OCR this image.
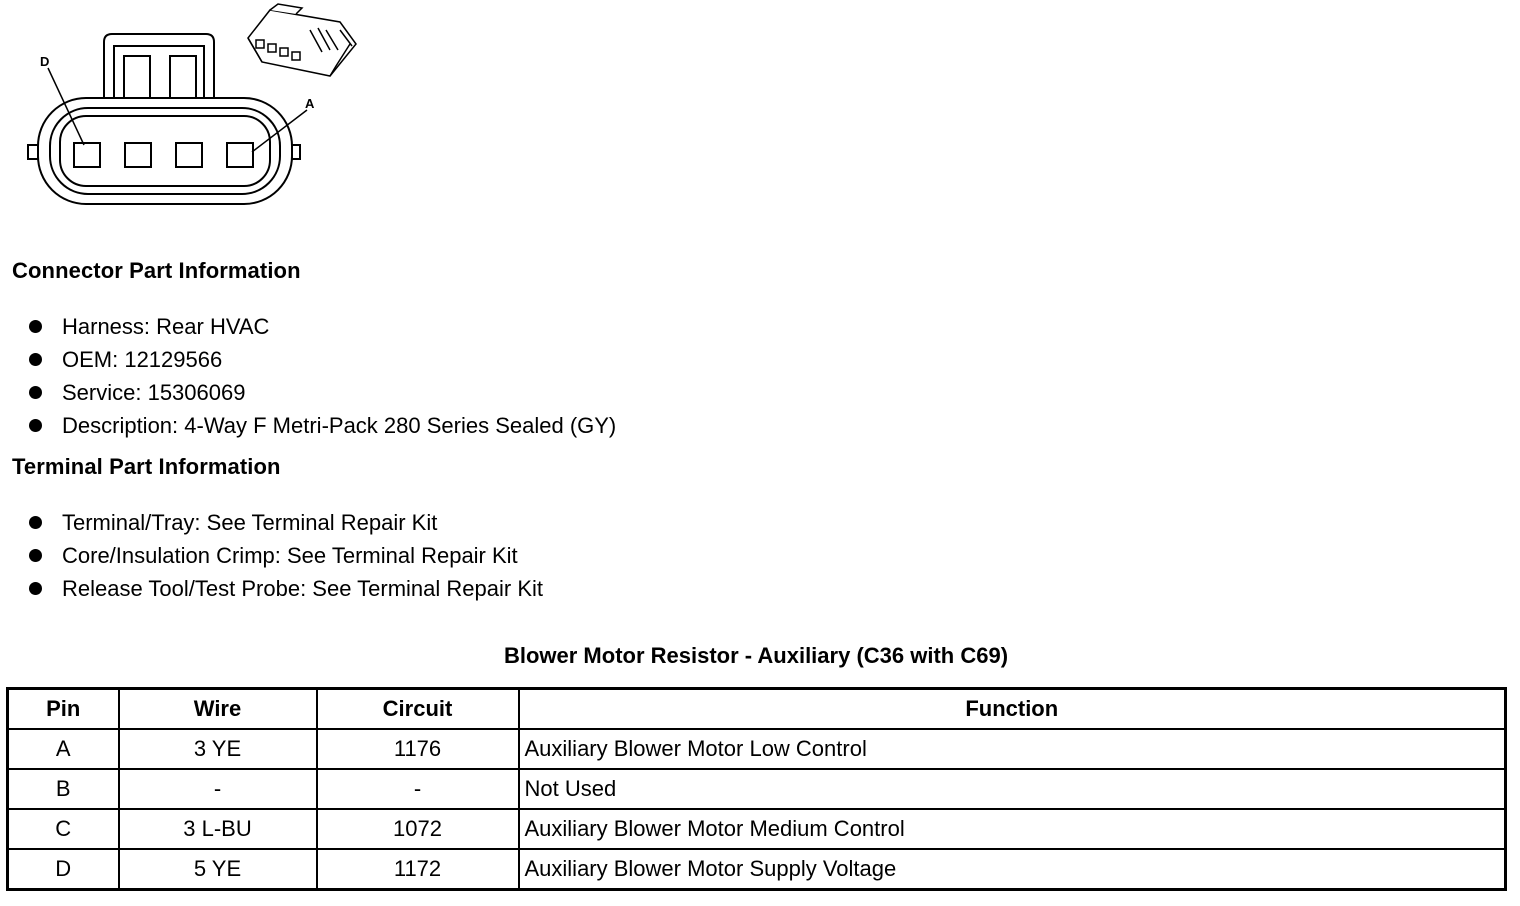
D
A
Connector Part Information
Harness: Rear HVAC
OEM: 12129566
Service: 15306069
Description: 4-Way F Metri-Pack 280 Series Sealed (GY)
Terminal Part Information
Terminal/Tray: See Terminal Repair Kit
Core/Insulation Crimp: See Terminal Repair Kit
Release Tool/Test Probe: See Terminal Repair Kit
Blower Motor Resistor - Auxiliary (C36 with C69)
Pin	Wire	Circuit	Function
A	3 YE	1176	Auxiliary Blower Motor Low Control
B	-	-	Not Used
C	3 L-BU	1072	Auxiliary Blower Motor Medium Control
D	5 YE	1172	Auxiliary Blower Motor Supply Voltage
